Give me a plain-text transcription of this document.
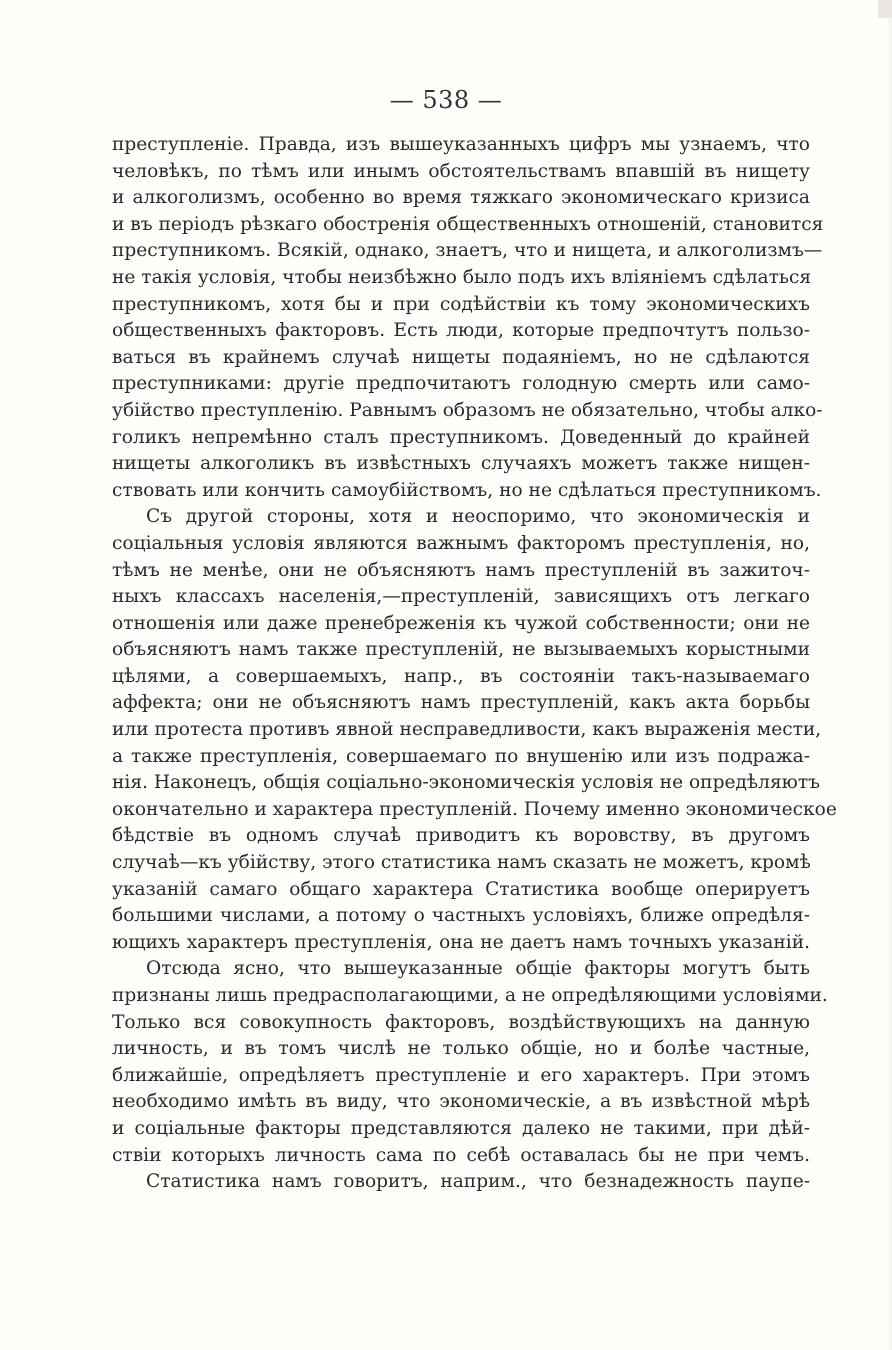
— 538 —
преступленіе. Правда, изъ вышеуказанныхъ цифръ мы узнаемъ, что
человѣкъ, по тѣмъ или инымъ обстоятельствамъ впавшій въ нищету
и алкоголизмъ, особенно во время тяжкаго экономическаго кризиса
и въ періодъ рѣзкаго обостренія общественныхъ отношеній, становится
преступникомъ. Всякій, однако, знаетъ, что и нищета, и алкоголизмъ—
не такія условія, чтобы неизбѣжно было подъ ихъ вліяніемъ сдѣлаться
преступникомъ, хотя бы и при содѣйствіи къ тому экономическихъ
общественныхъ факторовъ. Есть люди, которые предпочтутъ пользо-
ваться въ крайнемъ случаѣ нищеты подаяніемъ, но не сдѣлаются
преступниками: другіе предпочитаютъ голодную смерть или само-
убійство преступленію. Равнымъ образомъ не обязательно, чтобы алко-
голикъ непремѣнно сталъ преступникомъ. Доведенный до крайней
нищеты алкоголикъ въ извѣстныхъ случаяхъ можетъ также нищен-
ствовать или кончить самоубійствомъ, но не сдѣлаться преступникомъ.
Съ другой стороны, хотя и неоспоримо, что экономическія и
соціальныя условія являются важнымъ факторомъ преступленія, но,
тѣмъ не менѣе, они не объясняютъ намъ преступленій въ зажиточ-
ныхъ классахъ населенія,—преступленій, зависящихъ отъ легкаго
отношенія или даже пренебреженія къ чужой собственности; они не
объясняютъ намъ также преступленій, не вызываемыхъ корыстными
цѣлями, а совершаемыхъ, напр., въ состояніи такъ-называемаго
аффекта; они не объясняютъ намъ преступленій, какъ акта борьбы
или протеста противъ явной несправедливости, какъ выраженія мести,
а также преступленія, совершаемаго по внушенію или изъ подража-
нія. Наконецъ, общія соціально-экономическія условія не опредѣляютъ
окончательно и характера преступленій. Почему именно экономическое
бѣдствіе въ одномъ случаѣ приводитъ къ воровству, въ другомъ
случаѣ—къ убійству, этого статистика намъ сказать не можетъ, кромѣ
указаній самаго общаго характера Статистика вообще оперируетъ
большими числами, а потому о частныхъ условіяхъ, ближе опредѣля-
ющихъ характеръ преступленія, она не даетъ намъ точныхъ указаній.
Отсюда ясно, что вышеуказанные общіе факторы могутъ быть
признаны лишь предрасполагающими, а не опредѣляющими условіями.
Только вся совокупность факторовъ, воздѣйствующихъ на данную
личность, и въ томъ числѣ не только общіе, но и болѣе частные,
ближайшіе, опредѣляетъ преступленіе и его характеръ. При этомъ
необходимо имѣть въ виду, что экономическіе, а въ извѣстной мѣрѣ
и соціальные факторы представляются далеко не такими, при дѣй-
ствіи которыхъ личность сама по себѣ оставалась бы не при чемъ.
Статистика намъ говоритъ, наприм., что безнадежность паупе-
